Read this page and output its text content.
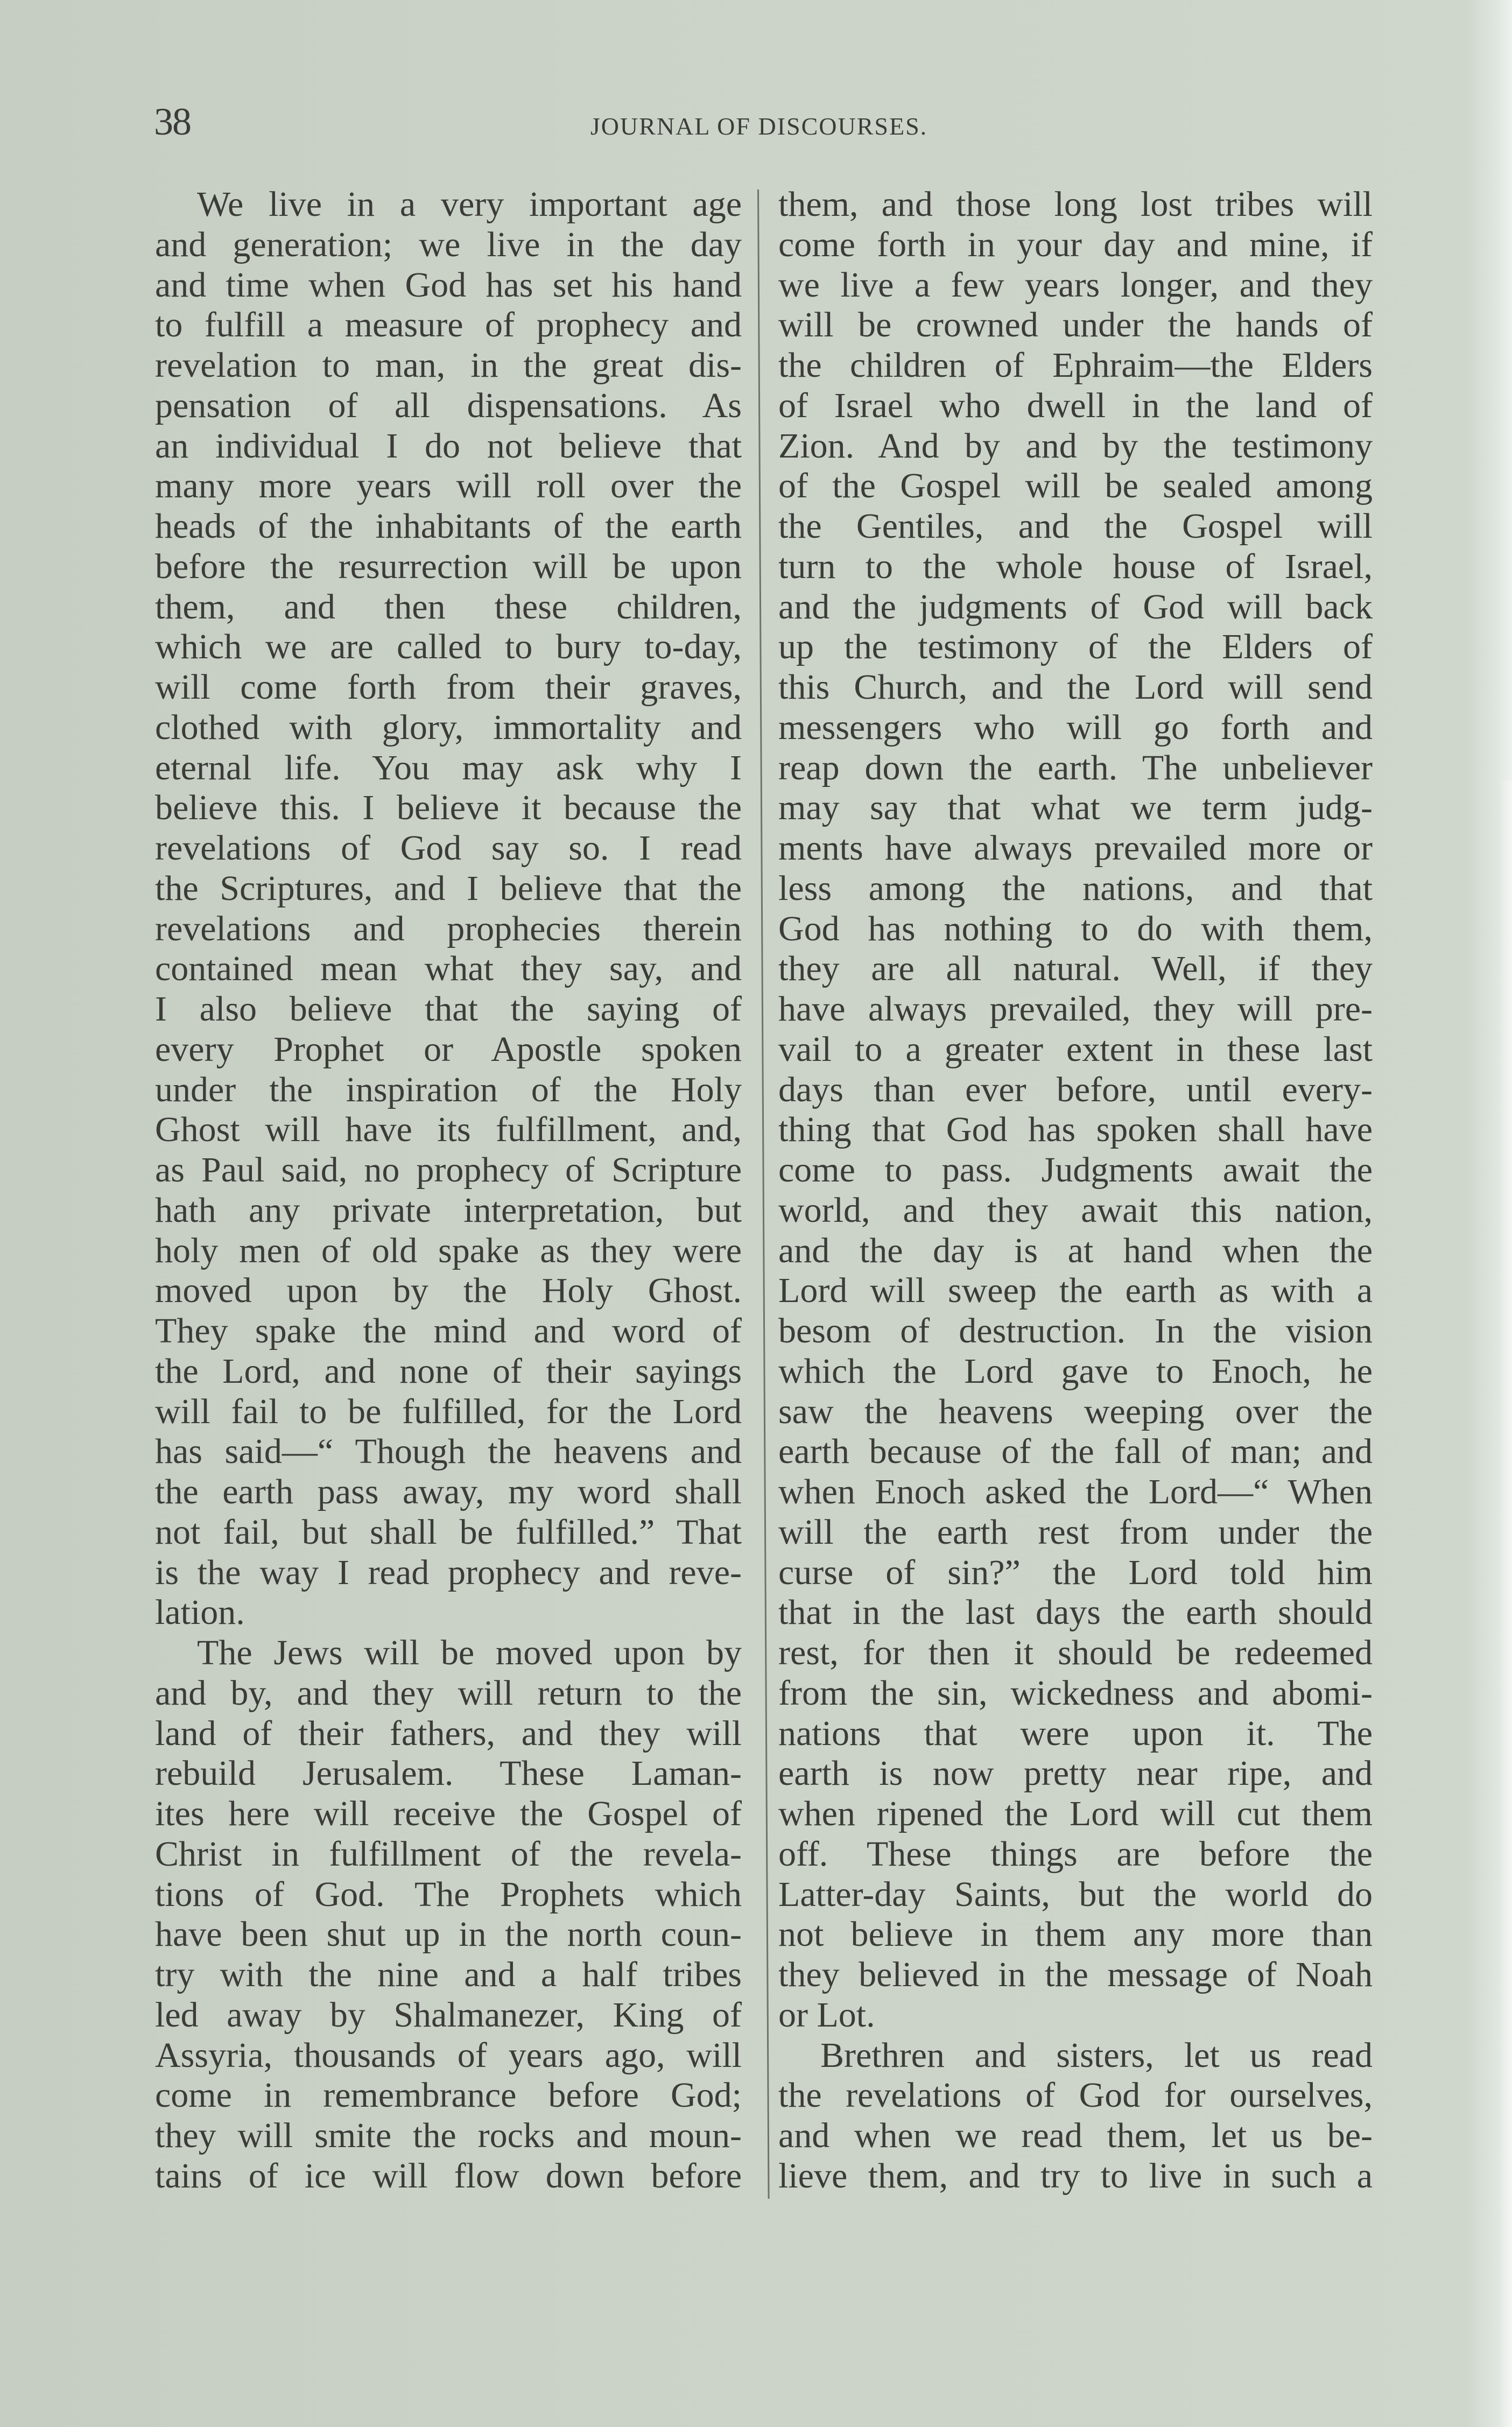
38	JOURNAL OF DISCOURSES.
We live in a very important age
and generation; we live in the day
and time when God has set his hand
to fulfill a measure of prophecy and
revelation to man, in the great dis-
pensation of all dispensations. As
an individual I do not believe that
many more years will roll over the
heads of the inhabitants of the earth
before the resurrection will be upon
them, and then these children,
which we are called to bury to-day,
will come forth from their graves,
clothed with glory, immortality and
eternal life. You may ask why I
believe this. I believe it because the
revelations of God say so. I read
the Scriptures, and I believe that the
revelations and prophecies therein
contained mean what they say, and
I also believe that the saying of
every Prophet or Apostle spoken
under the inspiration of the Holy
Ghost will have its fulfillment, and,
as Paul said, no prophecy of Scripture
hath any private interpretation, but
holy men of old spake as they were
moved upon by the Holy Ghost.
They spake the mind and word of
the Lord, and none of their sayings
will fail to be fulfilled, for the Lord
has said—“ Though the heavens and
the earth pass away, my word shall
not fail, but shall be fulfilled.” That
is the way I read prophecy and reve-
lation.
The Jews will be moved upon by
and by, and they will return to the
land of their fathers, and they will
rebuild Jerusalem. These Laman-
ites here will receive the Gospel of
Christ in fulfillment of the revela-
tions of God. The Prophets which
have been shut up in the north coun-
try with the nine and a half tribes
led away by Shalmanezer, King of
Assyria, thousands of years ago, will
come in remembrance before God;
they will smite the rocks and moun-
tains of ice will flow down before
them, and those long lost tribes will
come forth in your day and mine, if
we live a few years longer, and they
will be crowned under the hands of
the children of Ephraim—the Elders
of Israel who dwell in the land of
Zion. And by and by the testimony
of the Gospel will be sealed among
the Gentiles, and the Gospel will
turn to the whole house of Israel,
and the judgments of God will back
up the testimony of the Elders of
this Church, and the Lord will send
messengers who will go forth and
reap down the earth. The unbeliever
may say that what we term judg-
ments have always prevailed more or
less among the nations, and that
God has nothing to do with them,
they are all natural. Well, if they
have always prevailed, they will pre-
vail to a greater extent in these last
days than ever before, until every-
thing that God has spoken shall have
come to pass. Judgments await the
world, and they await this nation,
and the day is at hand when the
Lord will sweep the earth as with a
besom of destruction. In the vision
which the Lord gave to Enoch, he
saw the heavens weeping over the
earth because of the fall of man; and
when Enoch asked the Lord—“ When
will the earth rest from under the
curse of sin?” the Lord told him
that in the last days the earth should
rest, for then it should be redeemed
from the sin, wickedness and abomi-
nations that were upon it. The
earth is now pretty near ripe, and
when ripened the Lord will cut them
off. These things are before the
Latter-day Saints, but the world do
not believe in them any more than
they believed in the message of Noah
or Lot.
Brethren and sisters, let us read
the revelations of God for ourselves,
and when we read them, let us be-
lieve them, and try to live in such a
